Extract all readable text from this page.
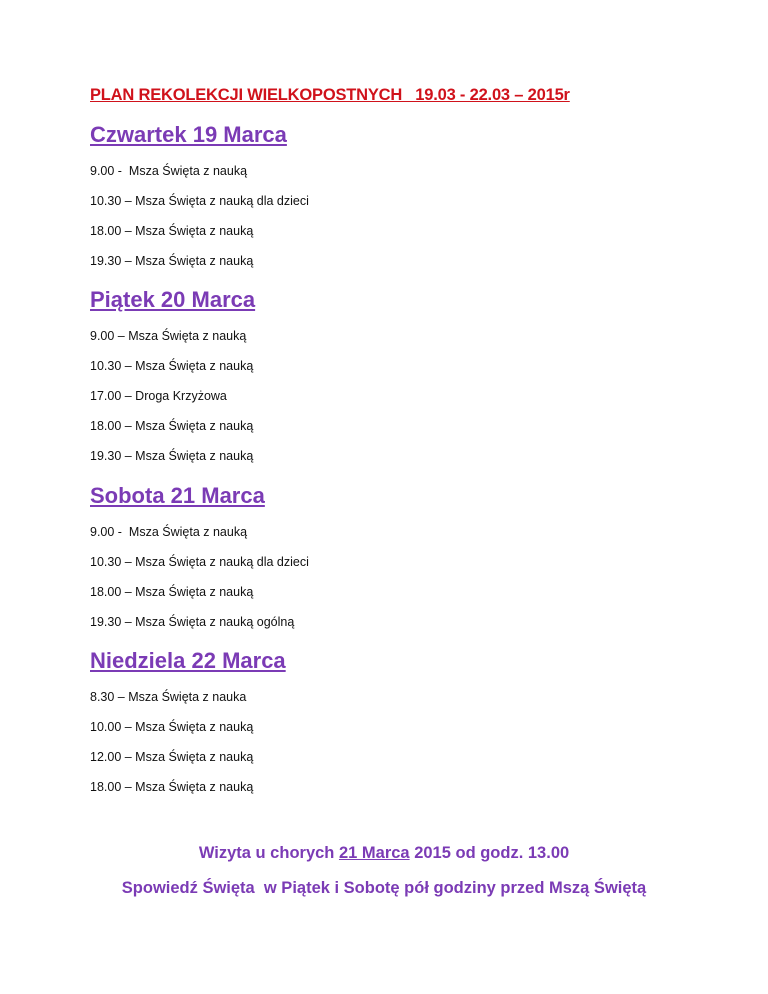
PLAN REKOLEKCJI WIELKOPOSTNYCH   19.03 - 22.03 – 2015r
Czwartek 19 Marca
9.00 -  Msza Święta z nauką
10.30 – Msza Święta z nauką dla dzieci
18.00 – Msza Święta z nauką
19.30 – Msza Święta z nauką
Piątek 20 Marca
9.00 – Msza Święta z nauką
10.30 – Msza Święta z nauką
17.00 – Droga Krzyżowa
18.00 – Msza Święta z nauką
19.30 – Msza Święta z nauką
Sobota 21 Marca
9.00 -  Msza Święta z nauką
10.30 – Msza Święta z nauką dla dzieci
18.00 – Msza Święta z nauką
19.30 – Msza Święta z nauką ogólną
Niedziela 22 Marca
8.30 – Msza Święta z nauka
10.00 – Msza Święta z nauką
12.00 – Msza Święta z nauką
18.00 – Msza Święta z nauką
Wizyta u chorych 21 Marca 2015 od godz. 13.00
Spowiedź Święta  w Piątek i Sobotę pół godziny przed Mszą Świętą
